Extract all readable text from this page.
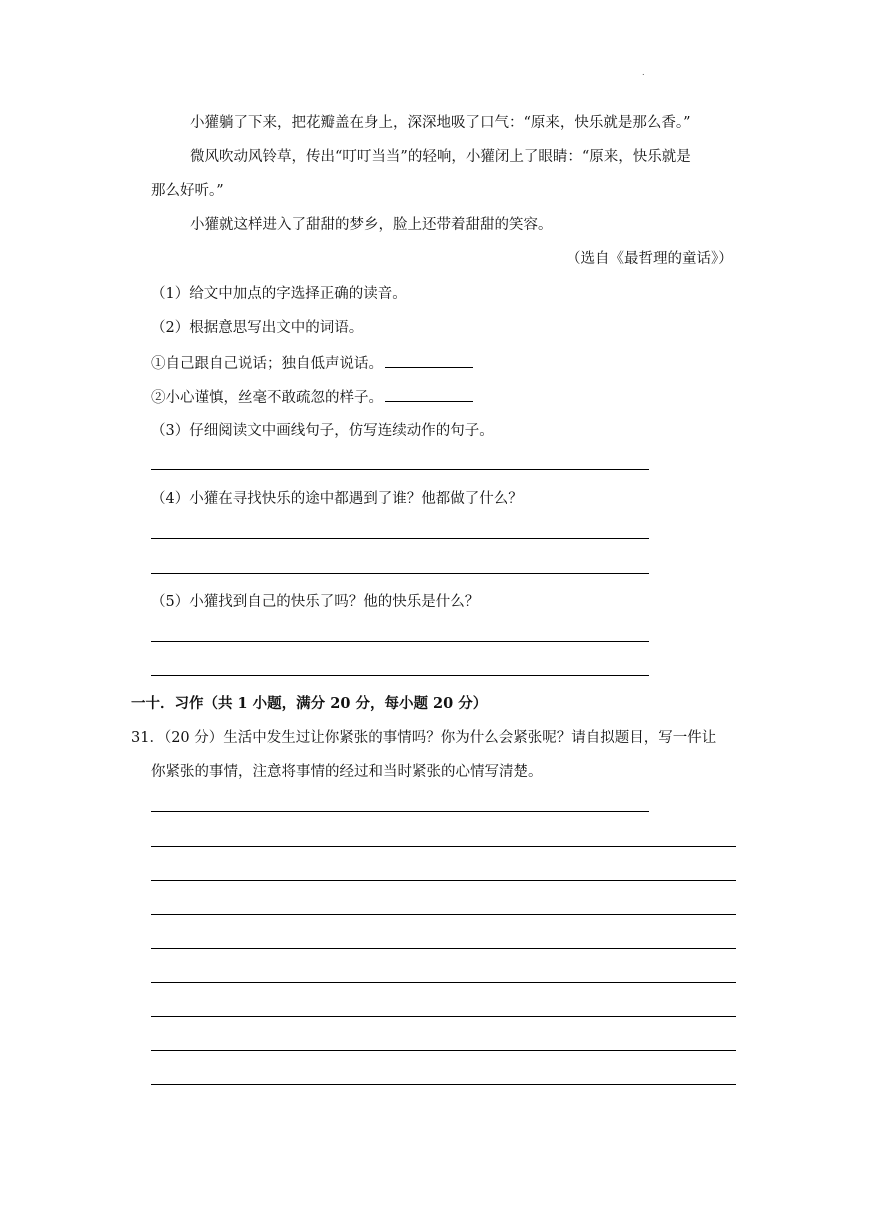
.
小獾躺了下来，把花瓣盖在身上，深深地吸了口气：“原来，快乐就是那么香。”
微风吹动风铃草，传出“叮叮当当”的轻响，小獾闭上了眼睛：“原来，快乐就是
那么好听。”
小獾就这样进入了甜甜的梦乡，脸上还带着甜甜的笑容。
（选自《最哲理的童话》）
（1）给文中加点的字选择正确的读音。
（2）根据意思写出文中的词语。
①自己跟自己说话；独自低声说话。
②小心谨慎，丝毫不敢疏忽的样子。
（3）仔细阅读文中画线句子，仿写连续动作的句子。
（4）小獾在寻找快乐的途中都遇到了谁？他都做了什么？
（5）小獾找到自己的快乐了吗？他的快乐是什么？
一十．习作（共 1 小题，满分 20 分，每小题 20 分）
31．（20 分）生活中发生过让你紧张的事情吗？你为什么会紧张呢？请自拟题目，写一件让
你紧张的事情，注意将事情的经过和当时紧张的心情写清楚。
